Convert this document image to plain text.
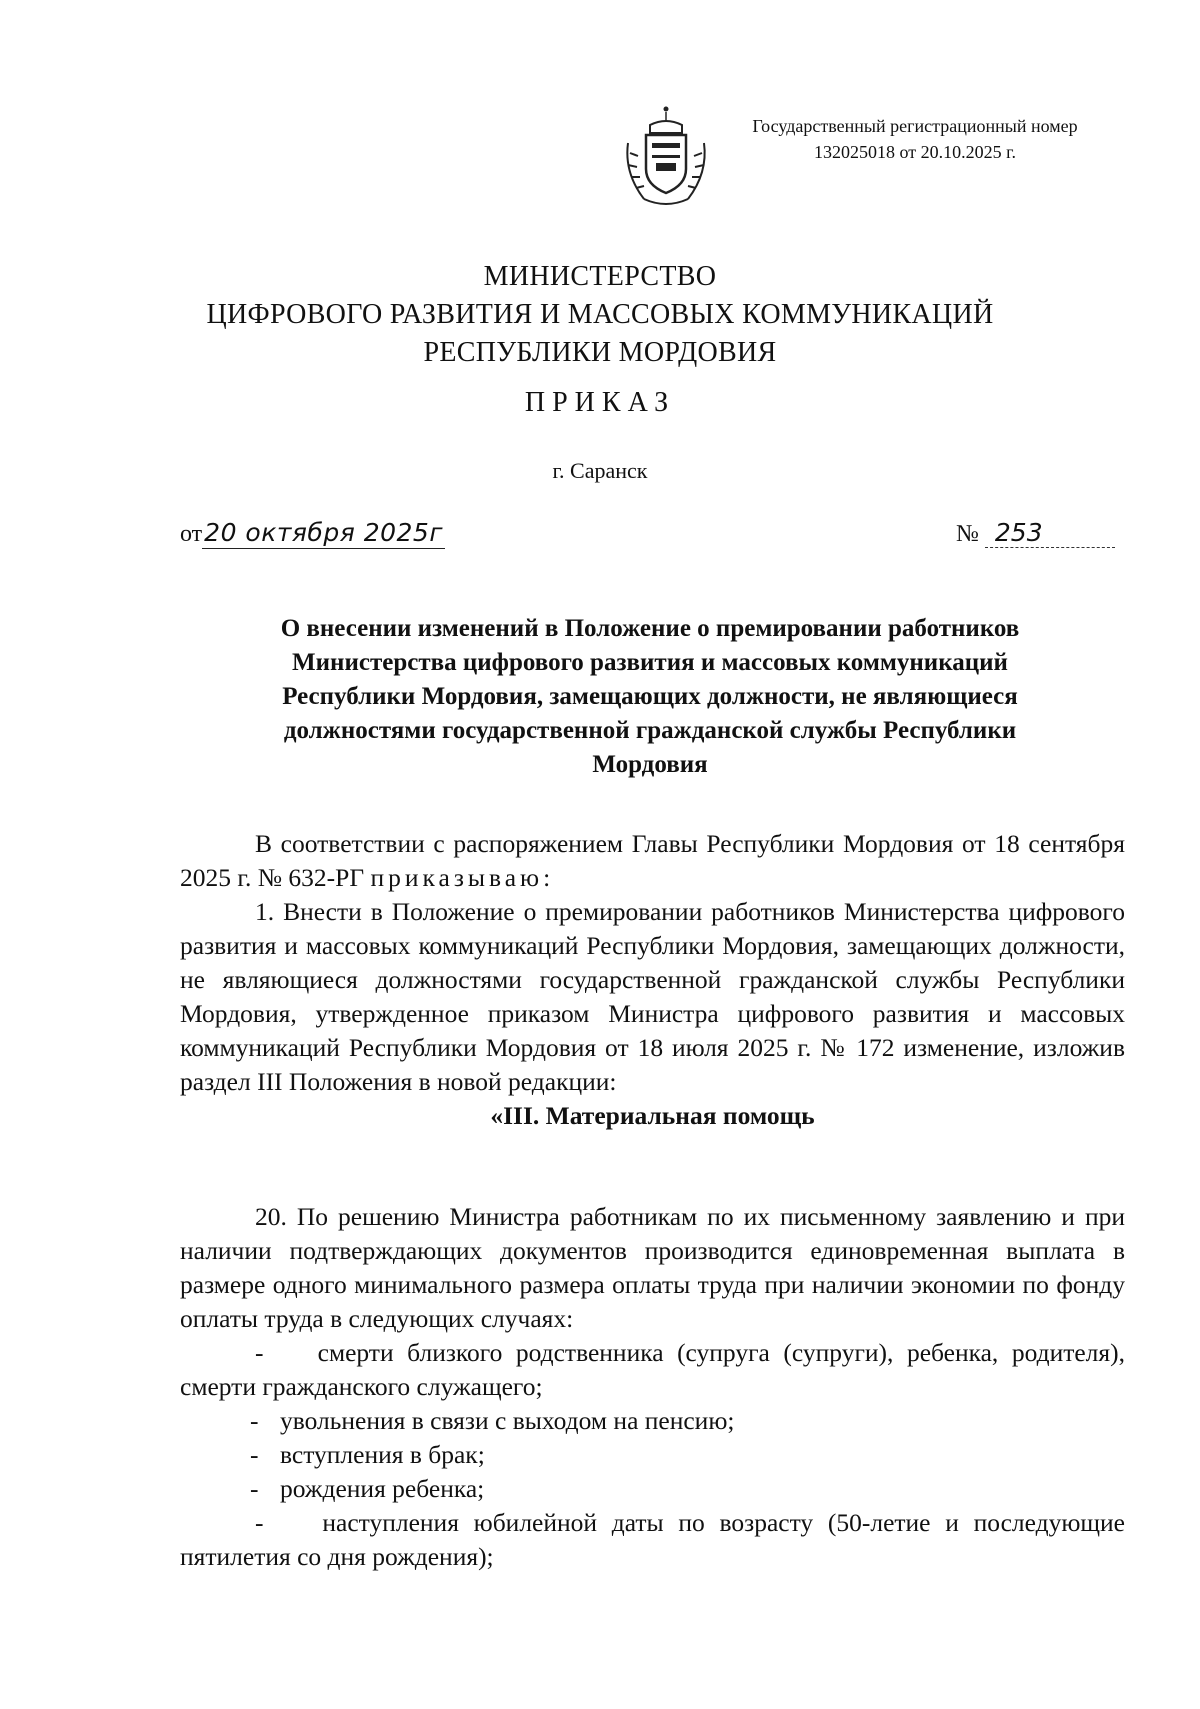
Государственный регистрационный номер
132025018 от 20.10.2025 г.
МИНИСТЕРСТВО
ЦИФРОВОГО РАЗВИТИЯ И МАССОВЫХ КОММУНИКАЦИЙ
РЕСПУБЛИКИ МОРДОВИЯ
ПРИКАЗ
г. Саранск
от20 октября 2025г	№ 253
О внесении изменений в Положение о премировании работников
Министерства цифрового развития и массовых коммуникаций
Республики Мордовия, замещающих должности, не являющиеся
должностями государственной гражданской службы Республики
Мордовия

В соответствии с распоряжением Главы Республики Мордовия от 18 сентября 2025 г. № 632-РГ приказываю:

1. Внести в Положение о премировании работников Министерства цифрового развития и массовых коммуникаций Республики Мордовия, замещающих должности, не являющиеся должностями государственной гражданской службы Республики Мордовия, утвержденное приказом Министра цифрового развития и массовых коммуникаций Республики Мордовия от 18 июля 2025 г. № 172 изменение, изложив раздел III Положения в новой редакции:

«III. Материальная помощь

20. По решению Министра работникам по их письменному заявлению и при наличии подтверждающих документов производится единовременная выплата в размере одного минимального размера оплаты труда при наличии экономии по фонду оплаты труда в следующих случаях:

- смерти близкого родственника (супруга (супруги), ребенка, родителя), смерти гражданского служащего;

- увольнения в связи с выходом на пенсию;
- вступления в брак;
- рождения ребенка;

- наступления юбилейной даты по возрасту (50-летие и последующие пятилетия со дня рождения);
